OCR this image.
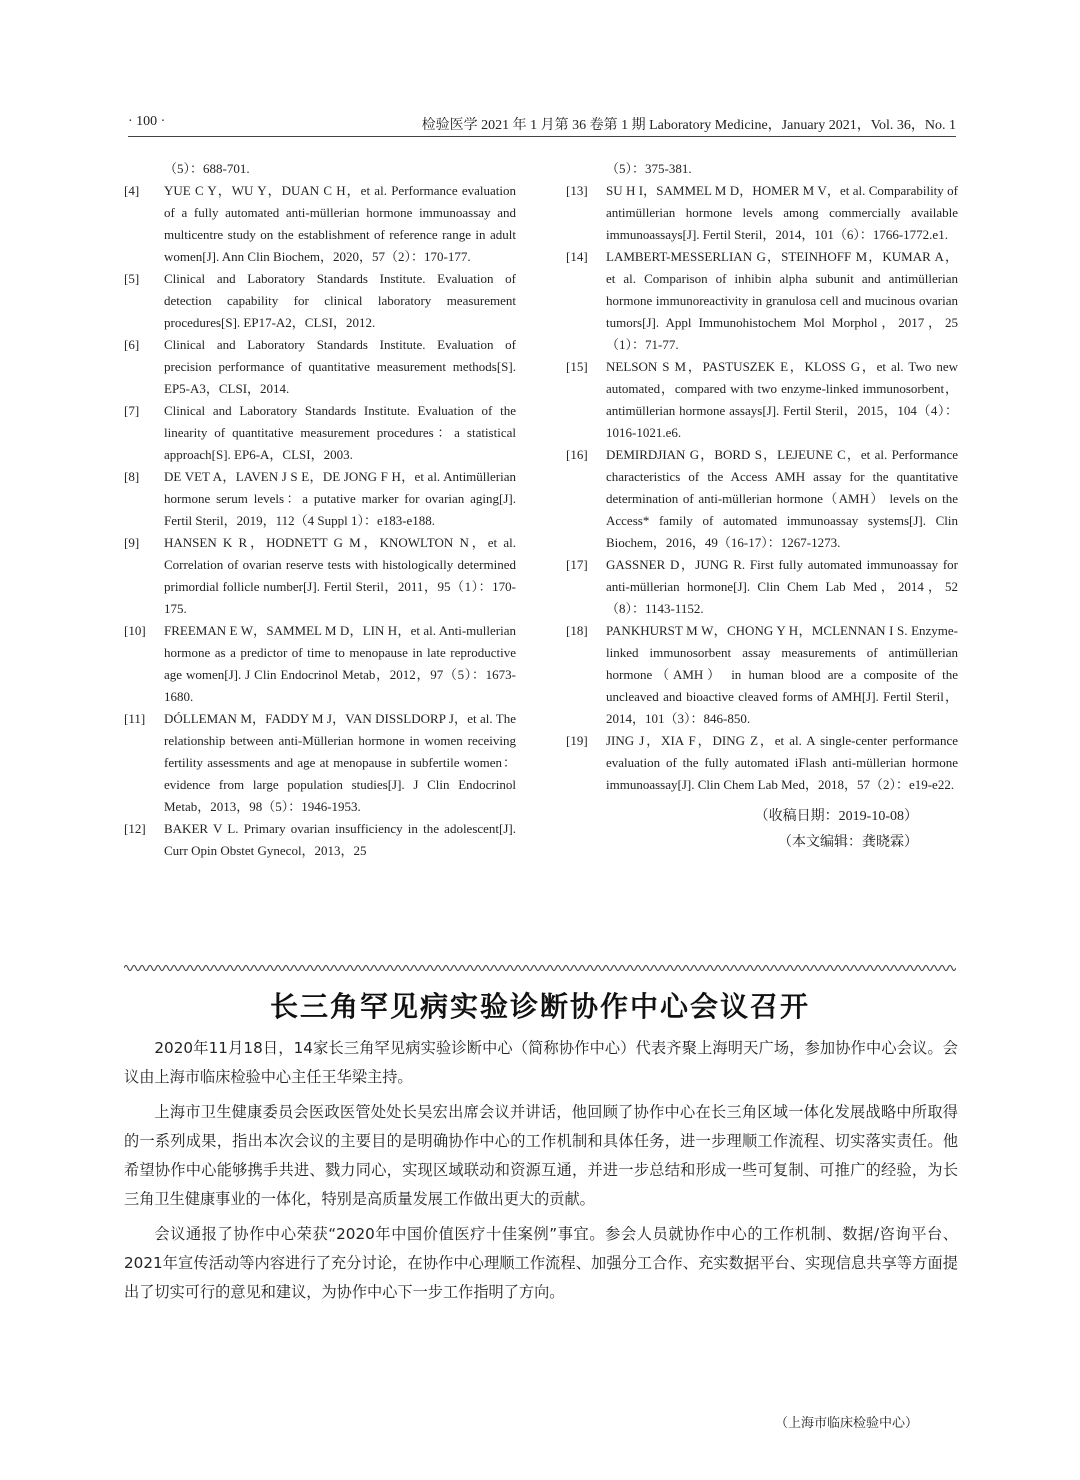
· 100 ·	检验医学 2021 年 1 月第 36 卷第 1 期 Laboratory Medicine，January 2021，Vol. 36，No. 1
（5）：688-701.
[4]	YUE C Y，WU Y，DUAN C H，et al. Performance evaluation of a fully automated anti-müllerian hormone immunoassay and multicentre study on the establishment of reference range in adult women[J]. Ann Clin Biochem，2020，57（2）：170-177.
[5]	Clinical and Laboratory Standards Institute. Evaluation of detection capability for clinical laboratory measurement procedures[S]. EP17-A2，CLSI，2012.
[6]	Clinical and Laboratory Standards Institute. Evaluation of precision performance of quantitative measurement methods[S]. EP5-A3，CLSI，2014.
[7]	Clinical and Laboratory Standards Institute. Evaluation of the linearity of quantitative measurement procedures：a statistical approach[S]. EP6-A，CLSI，2003.
[8]	DE VET A，LAVEN J S E，DE JONG F H，et al. Antimüllerian hormone serum levels：a putative marker for ovarian aging[J]. Fertil Steril，2019，112（4 Suppl 1）：e183-e188.
[9]	HANSEN K R，HODNETT G M，KNOWLTON N，et al. Correlation of ovarian reserve tests with histologically determined primordial follicle number[J]. Fertil Steril，2011，95（1）：170-175.
[10]	FREEMAN E W，SAMMEL M D，LIN H，et al. Anti-mullerian hormone as a predictor of time to menopause in late reproductive age women[J]. J Clin Endocrinol Metab，2012，97（5）：1673-1680.
[11]	DÓLLEMAN M，FADDY M J，VAN DISSLDORP J，et al. The relationship between anti-Müllerian hormone in women receiving fertility assessments and age at menopause in subfertile women：evidence from large population studies[J]. J Clin Endocrinol Metab，2013，98（5）：1946-1953.
[12]	BAKER V L. Primary ovarian insufficiency in the adolescent[J]. Curr Opin Obstet Gynecol，2013，25
（5）：375-381.
[13]	SU H I，SAMMEL M D，HOMER M V，et al. Comparability of antimüllerian hormone levels among commercially available immunoassays[J]. Fertil Steril，2014，101（6）：1766-1772.e1.
[14]	LAMBERT-MESSERLIAN G，STEINHOFF M，KUMAR A，et al. Comparison of inhibin alpha subunit and antimüllerian hormone immunoreactivity in granulosa cell and mucinous ovarian tumors[J]. Appl Immunohistochem Mol Morphol，2017，25（1）：71-77.
[15]	NELSON S M，PASTUSZEK E，KLOSS G，et al. Two new automated，compared with two enzyme-linked immunosorbent，antimüllerian hormone assays[J]. Fertil Steril，2015，104（4）：1016-1021.e6.
[16]	DEMIRDJIAN G，BORD S，LEJEUNE C，et al. Performance characteristics of the Access AMH assay for the quantitative determination of anti-müllerian hormone（AMH） levels on the Access* family of automated immunoassay systems[J]. Clin Biochem，2016，49（16-17）：1267-1273.
[17]	GASSNER D，JUNG R. First fully automated immunoassay for anti-müllerian hormone[J]. Clin Chem Lab Med，2014，52（8）：1143-1152.
[18]	PANKHURST M W，CHONG Y H，MCLENNAN I S. Enzyme-linked immunosorbent assay measurements of antimüllerian hormone（AMH） in human blood are a composite of the uncleaved and bioactive cleaved forms of AMH[J]. Fertil Steril，2014，101（3）：846-850.
[19]	JING J，XIA F，DING Z，et al. A single-center performance evaluation of the fully automated iFlash anti-müllerian hormone immunoassay[J]. Clin Chem Lab Med，2018，57（2）：e19-e22.
（收稿日期：2019-10-08）
（本文编辑：龚晓霖）
长三角罕见病实验诊断协作中心会议召开

2020年11月18日，14家长三角罕见病实验诊断中心（简称协作中心）代表齐聚上海明天广场，参加协作中心会议。会议由上海市临床检验中心主任王华梁主持。

上海市卫生健康委员会医政医管处处长吴宏出席会议并讲话，他回顾了协作中心在长三角区域一体化发展战略中所取得的一系列成果，指出本次会议的主要目的是明确协作中心的工作机制和具体任务，进一步理顺工作流程、切实落实责任。他希望协作中心能够携手共进、戮力同心，实现区域联动和资源互通，并进一步总结和形成一些可复制、可推广的经验，为长三角卫生健康事业的一体化，特别是高质量发展工作做出更大的贡献。

会议通报了协作中心荣获“2020年中国价值医疗十佳案例”事宜。参会人员就协作中心的工作机制、数据/咨询平台、2021年宣传活动等内容进行了充分讨论，在协作中心理顺工作流程、加强分工合作、充实数据平台、实现信息共享等方面提出了切实可行的意见和建议，为协作中心下一步工作指明了方向。

（上海市临床检验中心）
